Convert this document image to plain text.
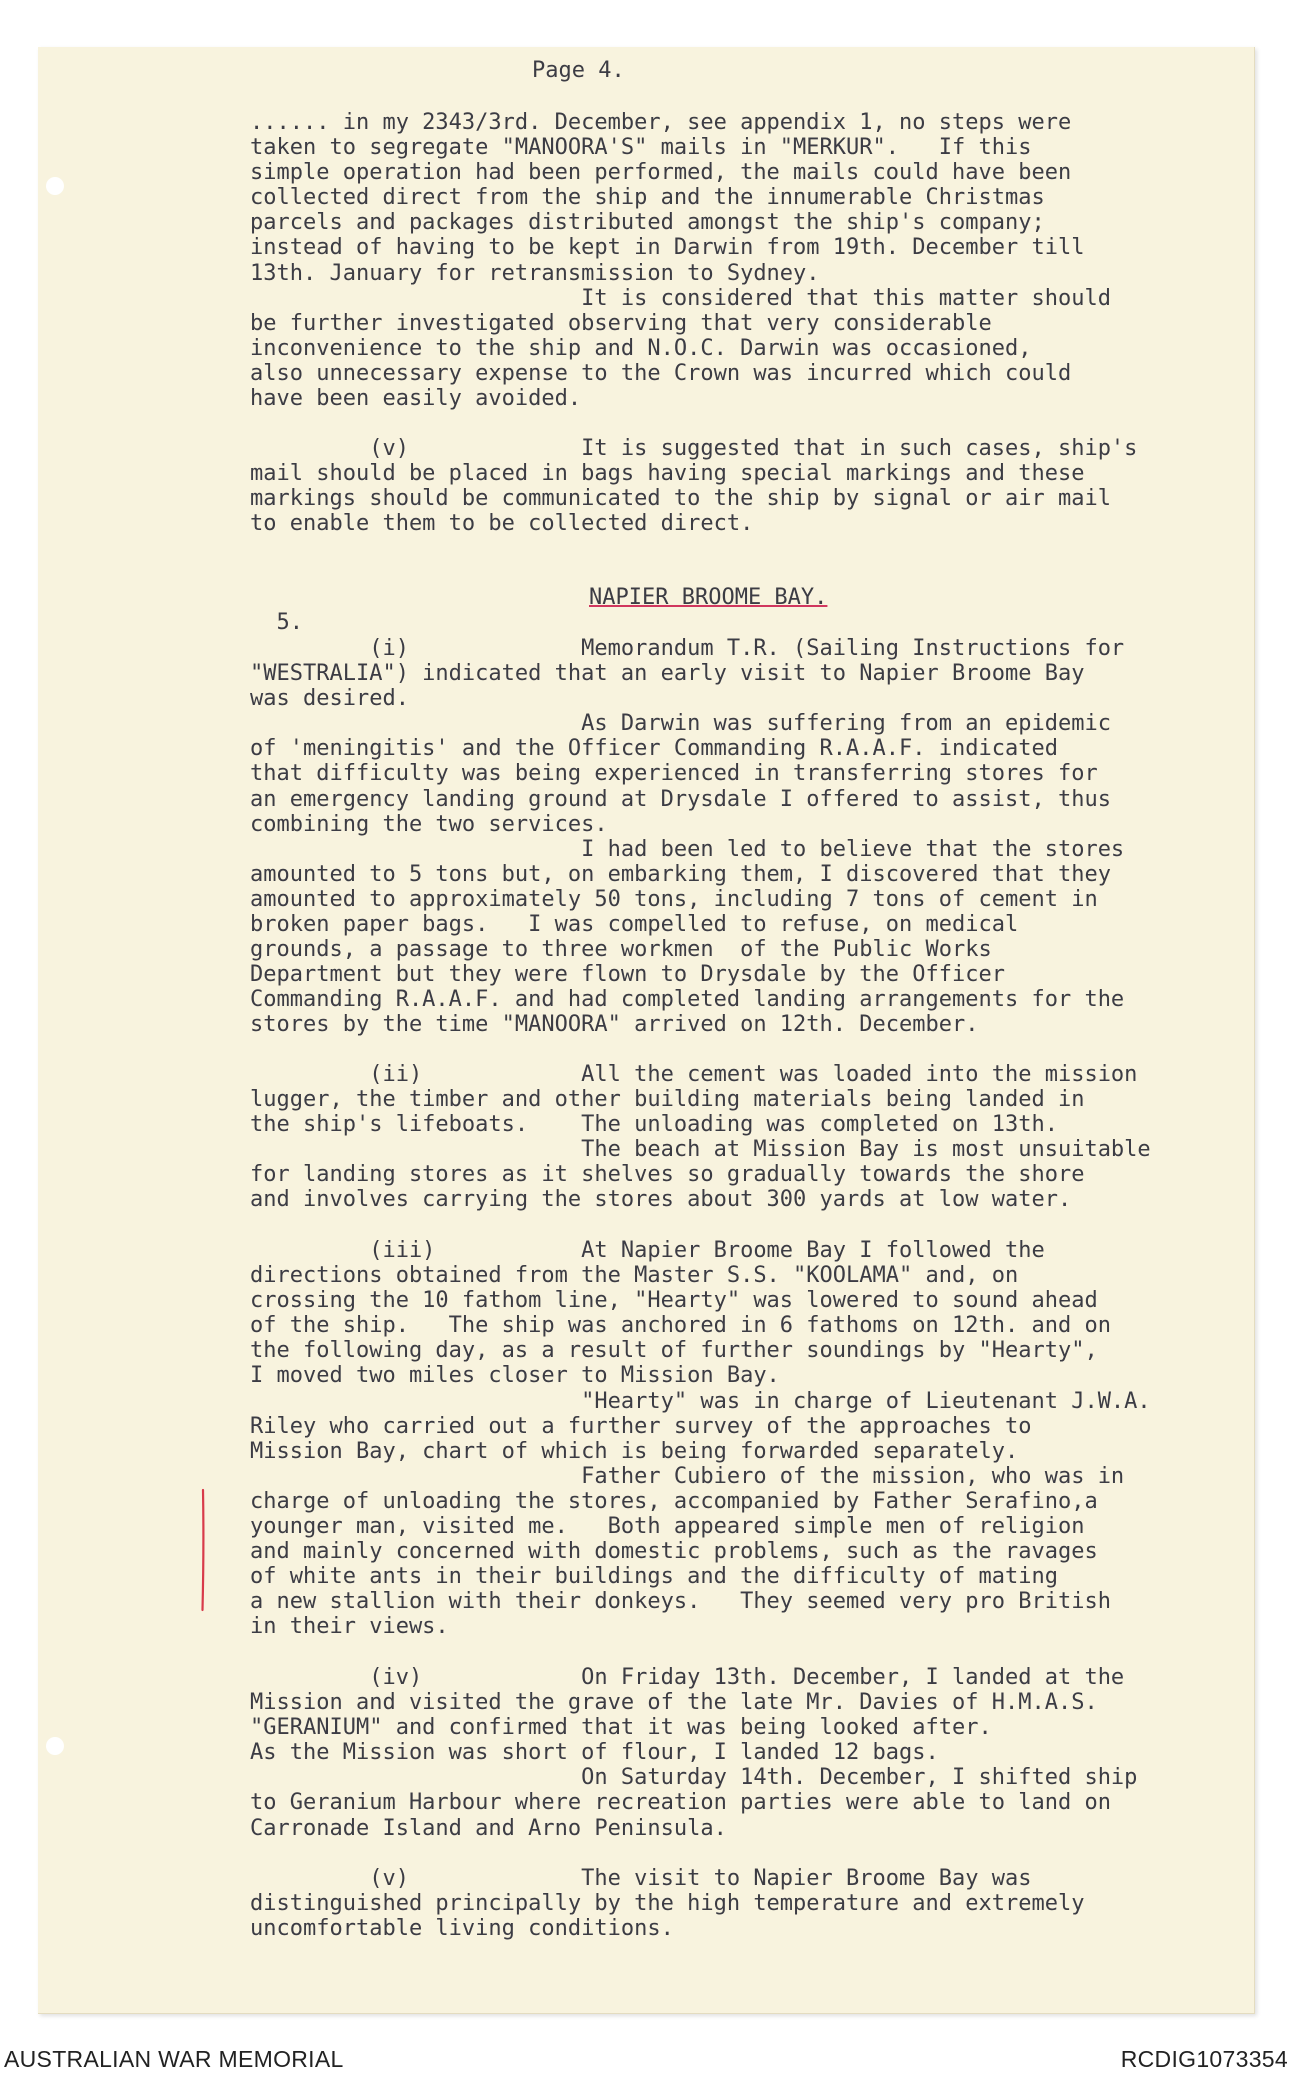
Page 4.

...... in my 2343/3rd. December, see appendix 1, no steps were
taken to segregate "MANOORA'S" mails in "MERKUR".   If this
simple operation had been performed, the mails could have been
collected direct from the ship and the innumerable Christmas
parcels and packages distributed amongst the ship's company;
instead of having to be kept in Darwin from 19th. December till
13th. January for retransmission to Sydney.
It is considered that this matter should
be further investigated observing that very considerable
inconvenience to the ship and N.O.C. Darwin was occasioned,
also unnecessary expense to the Crown was incurred which could
have been easily avoided.

(v)             It is suggested that in such cases, ship's
mail should be placed in bags having special markings and these
markings should be communicated to the ship by signal or air mail
to enable them to be collected direct.

5.

NAPIER BROOME BAY.

(i)             Memorandum T.R. (Sailing Instructions for
"WESTRALIA") indicated that an early visit to Napier Broome Bay
was desired.
As Darwin was suffering from an epidemic
of 'meningitis' and the Officer Commanding R.A.A.F. indicated
that difficulty was being experienced in transferring stores for
an emergency landing ground at Drysdale I offered to assist, thus
combining the two services.
I had been led to believe that the stores
amounted to 5 tons but, on embarking them, I discovered that they
amounted to approximately 50 tons, including 7 tons of cement in
broken paper bags.   I was compelled to refuse, on medical
grounds, a passage to three workmen  of the Public Works
Department but they were flown to Drysdale by the Officer
Commanding R.A.A.F. and had completed landing arrangements for the
stores by the time "MANOORA" arrived on 12th. December.

(ii)            All the cement was loaded into the mission
lugger, the timber and other building materials being landed in
the ship's lifeboats.    The unloading was completed on 13th.
The beach at Mission Bay is most unsuitable
for landing stores as it shelves so gradually towards the shore
and involves carrying the stores about 300 yards at low water.

(iii)           At Napier Broome Bay I followed the
directions obtained from the Master S.S. "KOOLAMA" and, on
crossing the 10 fathom line, "Hearty" was lowered to sound ahead
of the ship.   The ship was anchored in 6 fathoms on 12th. and on
the following day, as a result of further soundings by "Hearty",
I moved two miles closer to Mission Bay.
"Hearty" was in charge of Lieutenant J.W.A.
Riley who carried out a further survey of the approaches to
Mission Bay, chart of which is being forwarded separately.
Father Cubiero of the mission, who was in
charge of unloading the stores, accompanied by Father Serafino,a
younger man, visited me.   Both appeared simple men of religion
and mainly concerned with domestic problems, such as the ravages
of white ants in their buildings and the difficulty of mating
a new stallion with their donkeys.   They seemed very pro British
in their views.

(iv)            On Friday 13th. December, I landed at the
Mission and visited the grave of the late Mr. Davies of H.M.A.S.
"GERANIUM" and confirmed that it was being looked after.
As the Mission was short of flour, I landed 12 bags.
On Saturday 14th. December, I shifted ship
to Geranium Harbour where recreation parties were able to land on
Carronade Island and Arno Peninsula.

(v)             The visit to Napier Broome Bay was
distinguished principally by the high temperature and extremely
uncomfortable living conditions.

AUSTRALIAN WAR MEMORIAL	RCDIG1073354
